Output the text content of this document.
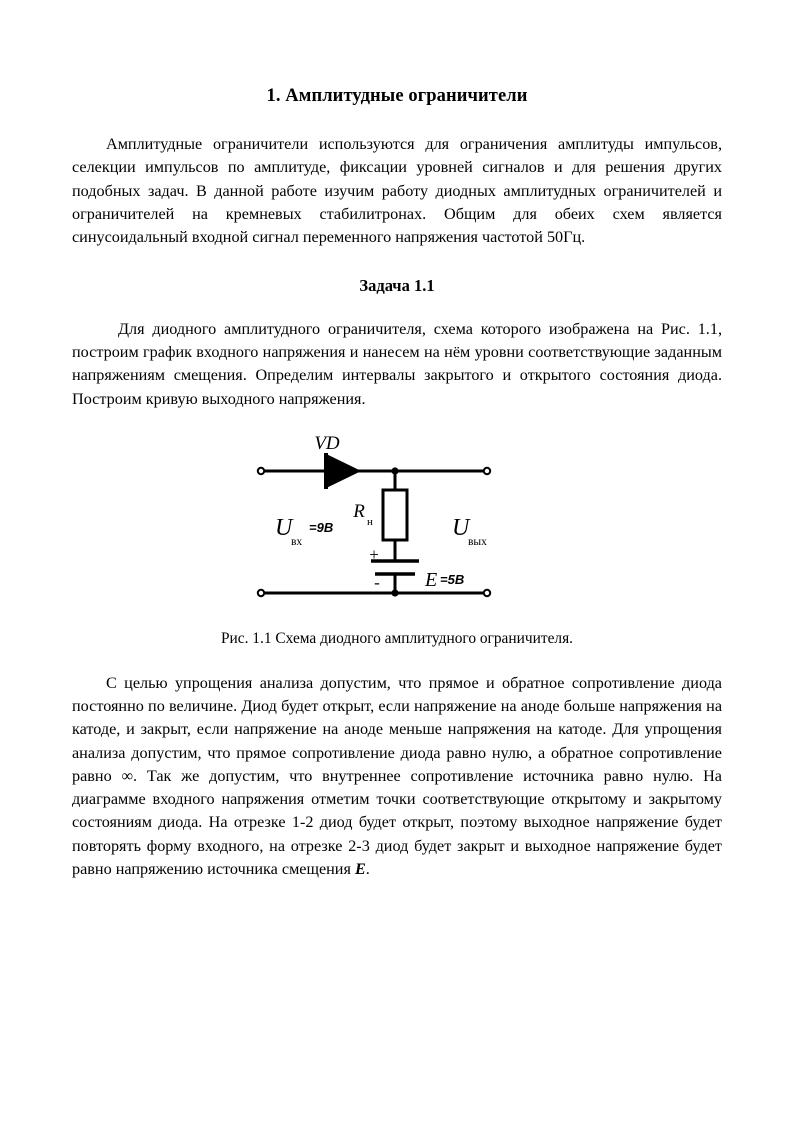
1. Амплитудные ограничители

Амплитудные ограничители используются для ограничения амплитуды импульсов, селекции импульсов по амплитуде, фиксации уровней сигналов и для решения других подобных задач. В данной работе изучим работу диодных амплитудных ограничителей и ограничителей на кремневых стабилитронах. Общим для обеих схем является синусоидальный входной сигнал переменного напряжения частотой 50Гц.

Задача 1.1

Для диодного амплитудного ограничителя, схема которого изображена на Рис. 1.1, построим график входного напряжения и нанесем на нём уровни соответствующие заданным напряжениям смещения. Определим интервалы закрытого и открытого состояния диода. Построим кривую выходного напряжения.

VD
R н
U
вх
=9В	U
вых
+
- E =5В

Рис. 1.1 Схема диодного амплитудного ограничителя.

С целью упрощения анализа допустим, что прямое и обратное сопротивление диода постоянно по величине. Диод будет открыт, если напряжение на аноде больше напряжения на катоде, и закрыт, если напряжение на аноде меньше напряжения на катоде. Для упрощения анализа допустим, что прямое сопротивление диода равно нулю, а обратное сопротивление равно ∞. Так же допустим, что внутреннее сопротивление источника равно нулю. На диаграмме входного напряжения отметим точки соответствующие открытому и закрытому состояниям диода. На отрезке 1-2 диод будет открыт, поэтому выходное напряжение будет повторять форму входного, на отрезке 2-3 диод будет закрыт и выходное напряжение будет равно напряжению источника смещения E.
